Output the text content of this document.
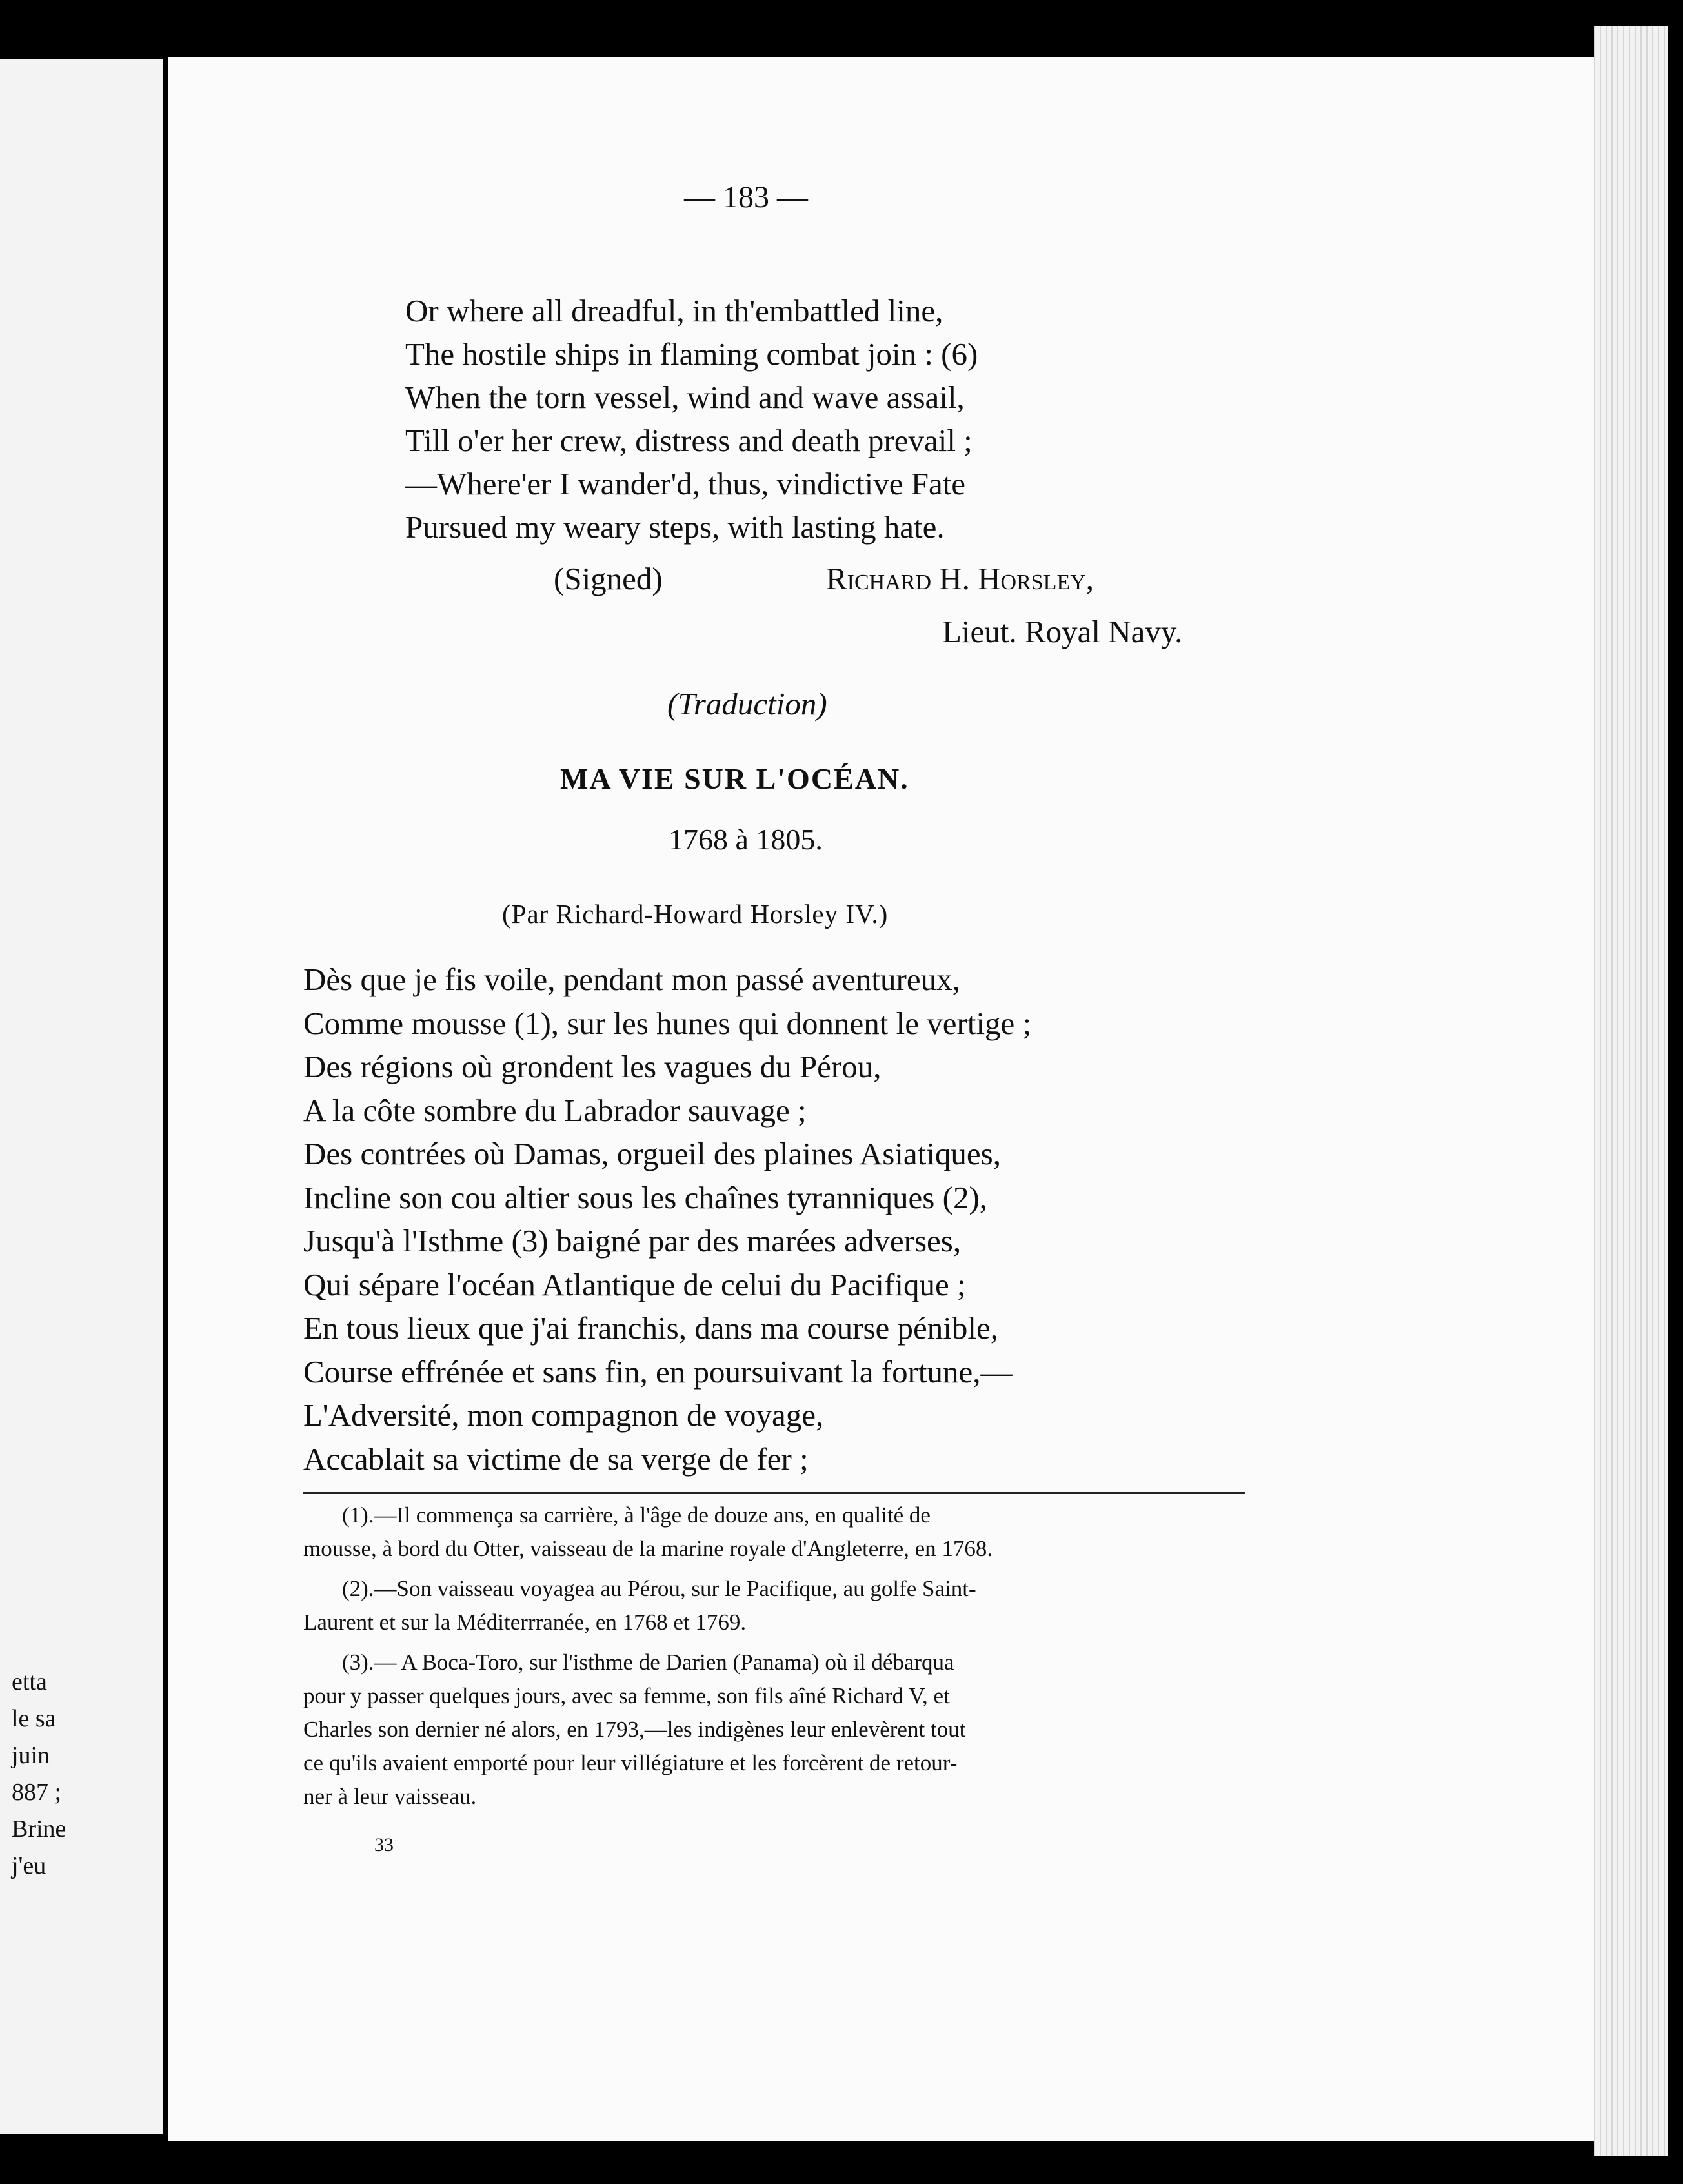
etta
le sa
juin
887 ;
Brine
j'eu
— 183 —
Or where all dreadful, in th'embattled line,
The hostile ships in flaming combat join : (6)
When the torn vessel, wind and wave assail,
Till o'er her crew, distress and death prevail ;
—Where'er I wander'd, thus, vindictive Fate
Pursued my weary steps, with lasting hate.
(Signed)	Richard H. Horsley,
Lieut. Royal Navy.
(Traduction)
MA VIE SUR L'OCÉAN.
1768 à 1805.
(Par Richard-Howard Horsley IV.)
Dès que je fis voile, pendant mon passé aventureux,
Comme mousse (1), sur les hunes qui donnent le vertige ;
Des régions où grondent les vagues du Pérou,
A la côte sombre du Labrador sauvage ;
Des contrées où Damas, orgueil des plaines Asiatiques,
Incline son cou altier sous les chaînes tyranniques (2),
Jusqu'à l'Isthme (3) baigné par des marées adverses,
Qui sépare l'océan Atlantique de celui du Pacifique ;
En tous lieux que j'ai franchis, dans ma course pénible,
Course effrénée et sans fin, en poursuivant la fortune,—
L'Adversité, mon compagnon de voyage,
Accablait sa victime de sa verge de fer ;
(1).—Il commença sa carrière, à l'âge de douze ans, en qualité de
mousse, à bord du Otter, vaisseau de la marine royale d'Angleterre, en 1768.
(2).—Son vaisseau voyagea au Pérou, sur le Pacifique, au golfe Saint-
Laurent et sur la Méditerrranée, en 1768 et 1769.
(3).— A Boca-Toro, sur l'isthme de Darien (Panama) où il débarqua
pour y passer quelques jours, avec sa femme, son fils aîné Richard V, et
Charles son dernier né alors, en 1793,—les indigènes leur enlevèrent tout
ce qu'ils avaient emporté pour leur villégiature et les forcèrent de retour-
ner à leur vaisseau.
33
